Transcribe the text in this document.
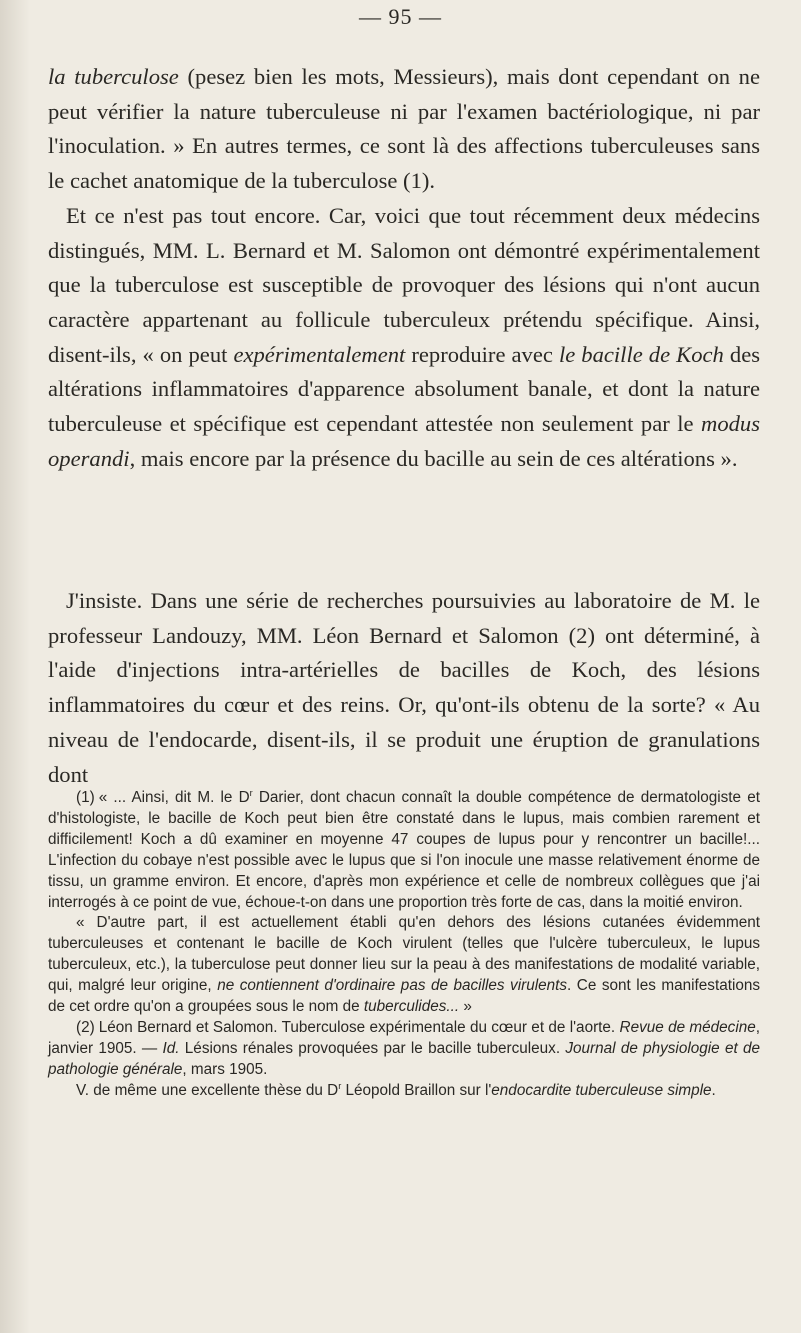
— 95 —

la tuberculose (pesez bien les mots, Messieurs), mais dont cependant on ne peut vérifier la nature tuberculeuse ni par l'examen bactériologique, ni par l'inoculation. » En autres termes, ce sont là des affections tuberculeuses sans le cachet anatomique de la tuberculose (1).

Et ce n'est pas tout encore. Car, voici que tout récemment deux médecins distingués, MM. L. Bernard et M. Salomon ont démontré expérimentalement que la tuberculose est susceptible de provoquer des lésions qui n'ont aucun caractère appartenant au follicule tuberculeux prétendu spécifique. Ainsi, disent-ils, « on peut expérimentalement reproduire avec le bacille de Koch des altérations inflammatoires d'apparence absolument banale, et dont la nature tuberculeuse et spécifique est cependant attestée non seulement par le modus operandi, mais encore par la présence du bacille au sein de ces altérations ».

J'insiste. Dans une série de recherches poursuivies au laboratoire de M. le professeur Landouzy, MM. Léon Bernard et Salomon (2) ont déterminé, à l'aide d'injections intra-artérielles de bacilles de Koch, des lésions inflammatoires du cœur et des reins. Or, qu'ont-ils obtenu de la sorte? « Au niveau de l'endocarde, disent-ils, il se produit une éruption de granulations dont

(1) « ... Ainsi, dit M. le $D^r$ Darier, dont chacun connaît la double compétence de dermatologiste et d'histologiste, le bacille de Koch peut bien être constaté dans le lupus, mais combien rarement et difficilement! Koch a dû examiner en moyenne 47 coupes de lupus pour y rencontrer un bacille!... L'infection du cobaye n'est possible avec le lupus que si l'on inocule une masse relativement énorme de tissu, un gramme environ. Et encore, d'après mon expérience et celle de nombreux collègues que j'ai interrogés à ce point de vue, échoue-t-on dans une proportion très forte de cas, dans la moitié environ.

« D'autre part, il est actuellement établi qu'en dehors des lésions cutanées évidemment tuberculeuses et contenant le bacille de Koch virulent (telles que l'ulcère tuberculeux, le lupus tuberculeux, etc.), la tuberculose peut donner lieu sur la peau à des manifestations de modalité variable, qui, malgré leur origine, ne contiennent d'ordinaire pas de bacilles virulents. Ce sont les manifestations de cet ordre qu'on a groupées sous le nom de tuberculides... »

(2) Léon Bernard et Salomon. Tuberculose expérimentale du cœur et de l'aorte. Revue de médecine, janvier 1905. — Id. Lésions rénales provoquées par le bacille tuberculeux. Journal de physiologie et de pathologie générale, mars 1905.

V. de même une excellente thèse du $D^r$ Léopold Braillon sur l'endocardite tuberculeuse simple.
